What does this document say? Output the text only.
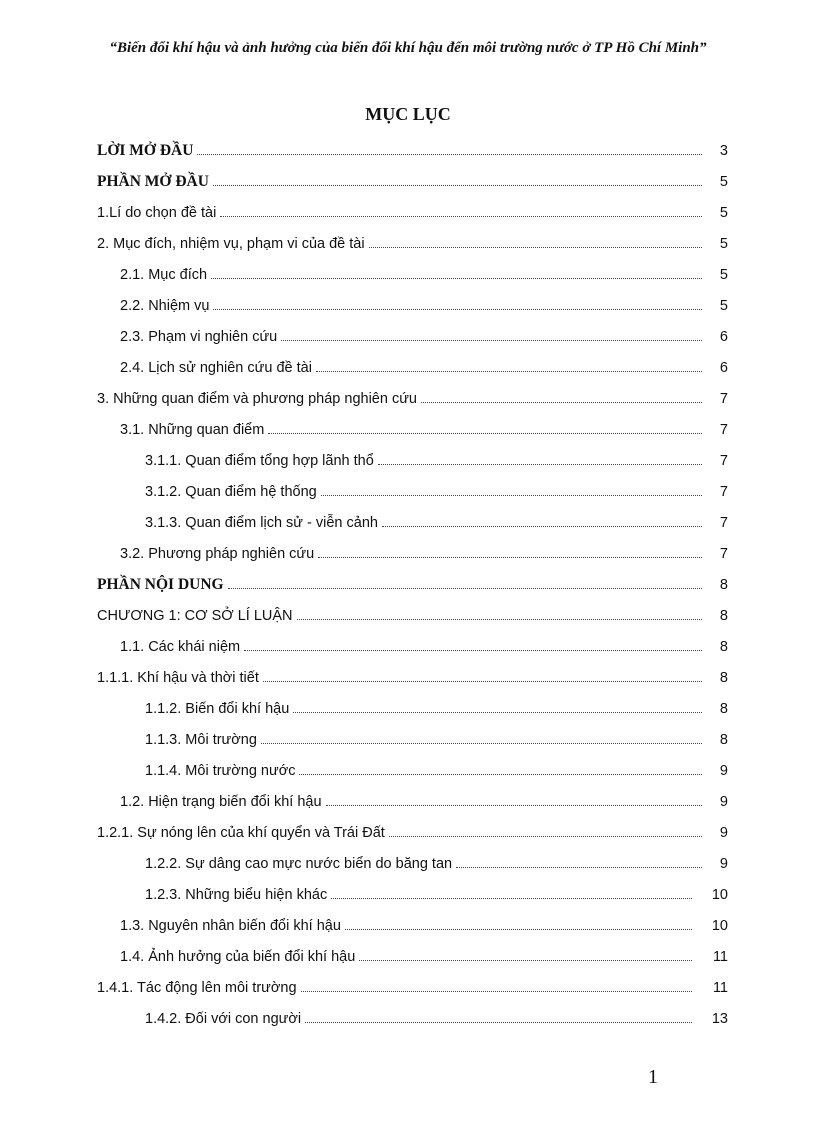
“Biến đổi khí hậu và ảnh hưởng của biến đổi khí hậu đến môi trường nước ở TP Hồ Chí Minh”
MỤC LỤC
LỜI MỞ ĐẦU	3
PHẦN MỞ ĐẦU	5
1.Lí do chọn đề tài	5
2. Mục đích, nhiệm vụ, phạm vi của đề tài	5
2.1. Mục đích	5
2.2. Nhiệm vụ	5
2.3. Phạm vi nghiên cứu	6
2.4. Lịch sử nghiên cứu đề tài	6
3. Những quan điểm và phương pháp nghiên cứu	7
3.1. Những quan điểm	7
3.1.1. Quan điểm tổng hợp lãnh thổ	7
3.1.2. Quan điểm hệ thống	7
3.1.3. Quan điểm lịch sử - viễn cảnh	7
3.2. Phương pháp nghiên cứu	7
PHẦN NỘI DUNG	8
CHƯƠNG 1: CƠ SỞ LÍ LUẬN	8
1.1. Các khái niệm	8
1.1.1. Khí hậu và thời tiết	8
1.1.2. Biến đổi khí hậu	8
1.1.3. Môi trường	8
1.1.4. Môi trường nước	9
1.2. Hiện trạng biến đổi khí hậu	9
1.2.1. Sự nóng lên của khí quyển và Trái Đất	9
1.2.2. Sự dâng cao mực nước biển do băng tan	9
1.2.3. Những biểu hiện khác	10
1.3. Nguyên nhân biến đổi khí hậu	10
1.4. Ảnh hưởng của biến đổi khí hậu	11
1.4.1. Tác động lên môi trường	11
1.4.2. Đối với con người	13
1
